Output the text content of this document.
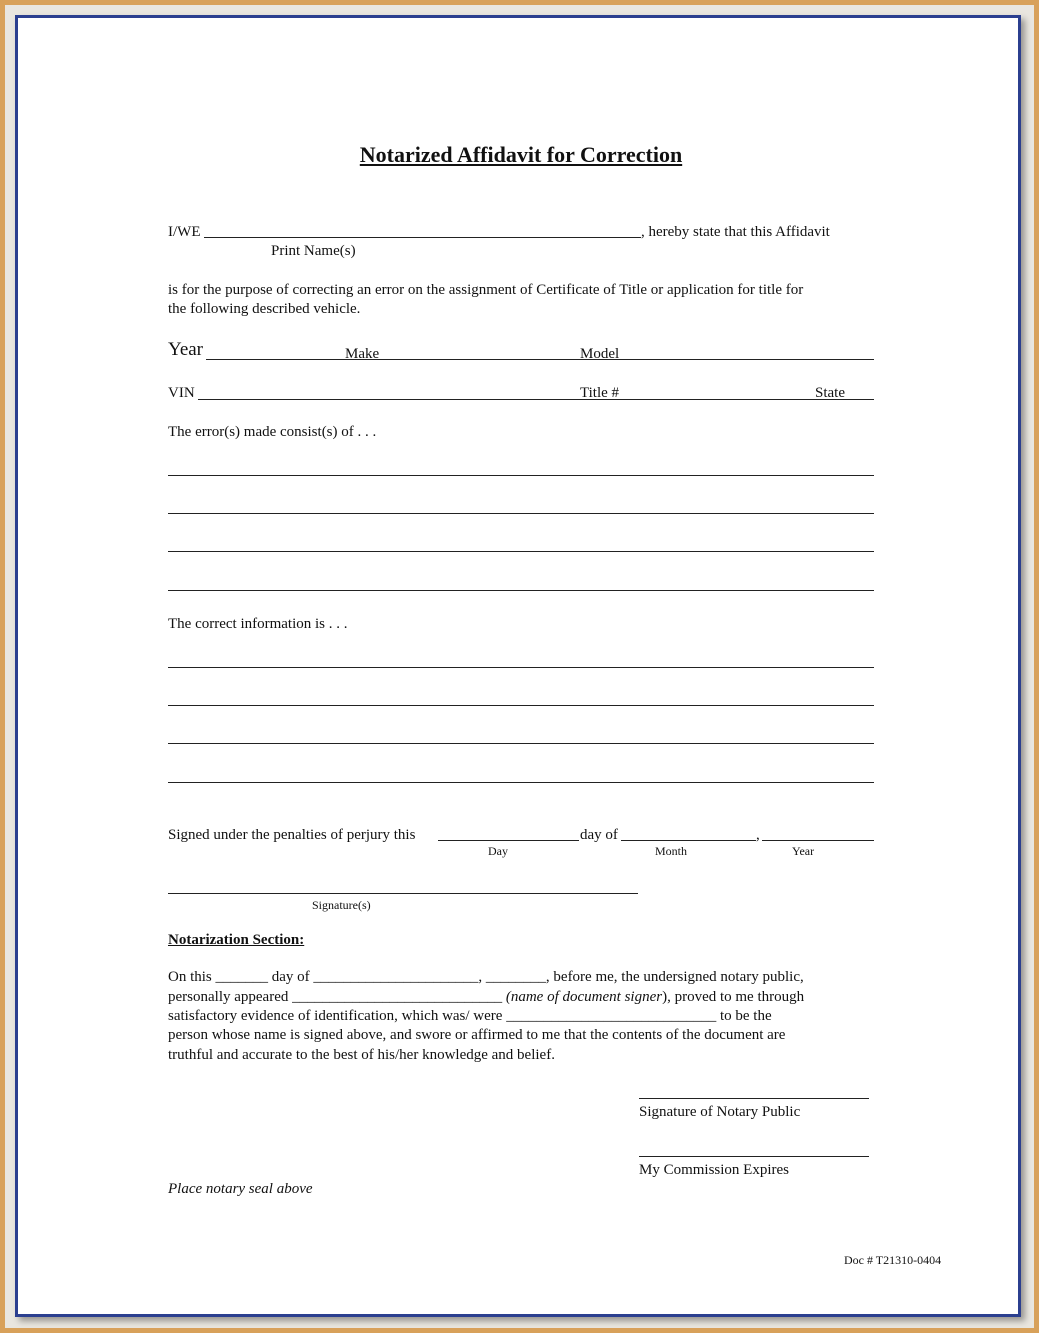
Notarized Affidavit for Correction
I/WE	, hereby state that this Affidavit
Print Name(s)
is for the purpose of correcting an error on the assignment of Certificate of Title or application for title for
the following described vehicle.
Year	Make	Model
VIN	Title #	State
The error(s) made consist(s) of . . .
The correct information is . . .
Signed under the penalties of perjury this	day of	,
Day	Month	Year
Signature(s)
Notarization Section:
On this _______ day of ______________________, ________, before me, the undersigned notary public,
personally appeared ____________________________ (name of document signer), proved to me through
satisfactory evidence of identification, which was/ were ____________________________ to be the
person whose name is signed above, and swore or affirmed to me that the contents of the document are
truthful and accurate to the best of his/her knowledge and belief.
Signature of Notary Public
My Commission Expires
Place notary seal above
Doc # T21310-0404
